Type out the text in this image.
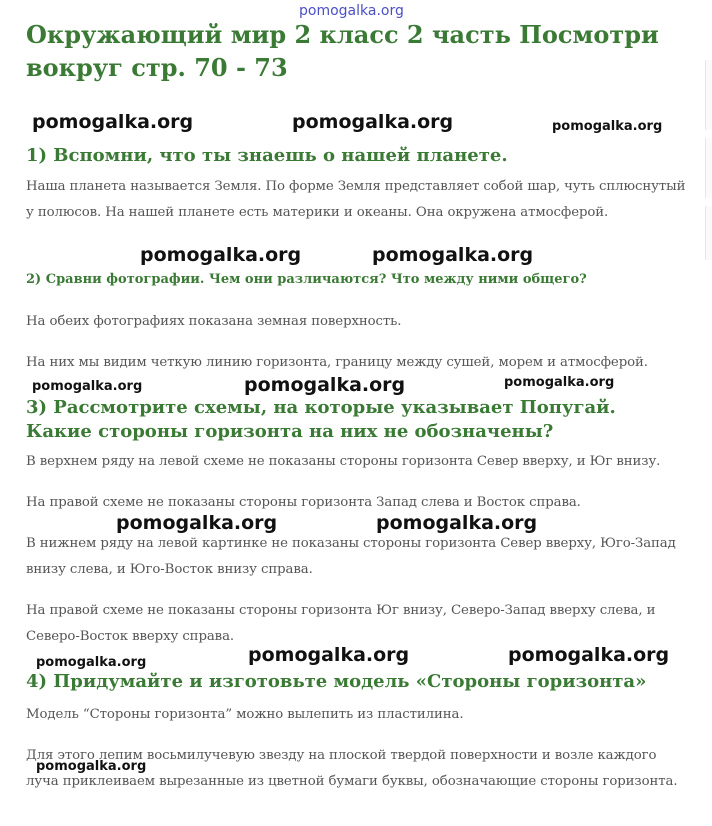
pomogalka.org
Окружающий мир 2 класс 2 часть Посмотри вокруг стр. 70 - 73
pomogalka.org	pomogalka.org	pomogalka.org
1) Вспомни, что ты знаешь о нашей планете.

Наша планета называется Земля. По форме Земля представляет собой шар, чуть сплюснутый у полюсов. На нашей планете есть материки и океаны. Она окружена атмосферой.

pomogalka.org	pomogalka.org
2) Сравни фотографии. Чем они различаются? Что между ними общего?

На обеих фотографиях показана земная поверхность.

На них мы видим четкую линию горизонта, границу между сушей, морем и атмосферой.

pomogalka.org	pomogalka.org	pomogalka.org
3) Рассмотрите схемы, на которые указывает Попугай. Какие стороны горизонта на них не обозначены?

В верхнем ряду на левой схеме не показаны стороны горизонта Север вверху, и Юг внизу.

На правой схеме не показаны стороны горизонта Запад слева и Восток справа.

pomogalka.org	pomogalka.org

В нижнем ряду на левой картинке не показаны стороны горизонта Север вверху, Юго-Запад внизу слева, и Юго-Восток внизу справа.

На правой схеме не показаны стороны горизонта Юг внизу, Северо-Запад вверху слева, и Северо-Восток вверху справа.

pomogalka.org	pomogalka.org	pomogalka.org
4) Придумайте и изготовьте модель «Стороны горизонта»

Модель “Стороны горизонта” можно вылепить из пластилина.

Для этого лепим восьмилучевую звезду на плоской твердой поверхности и возле каждого луча приклеиваем вырезанные из цветной бумаги буквы, обозначающие стороны горизонта.

pomogalka.org
